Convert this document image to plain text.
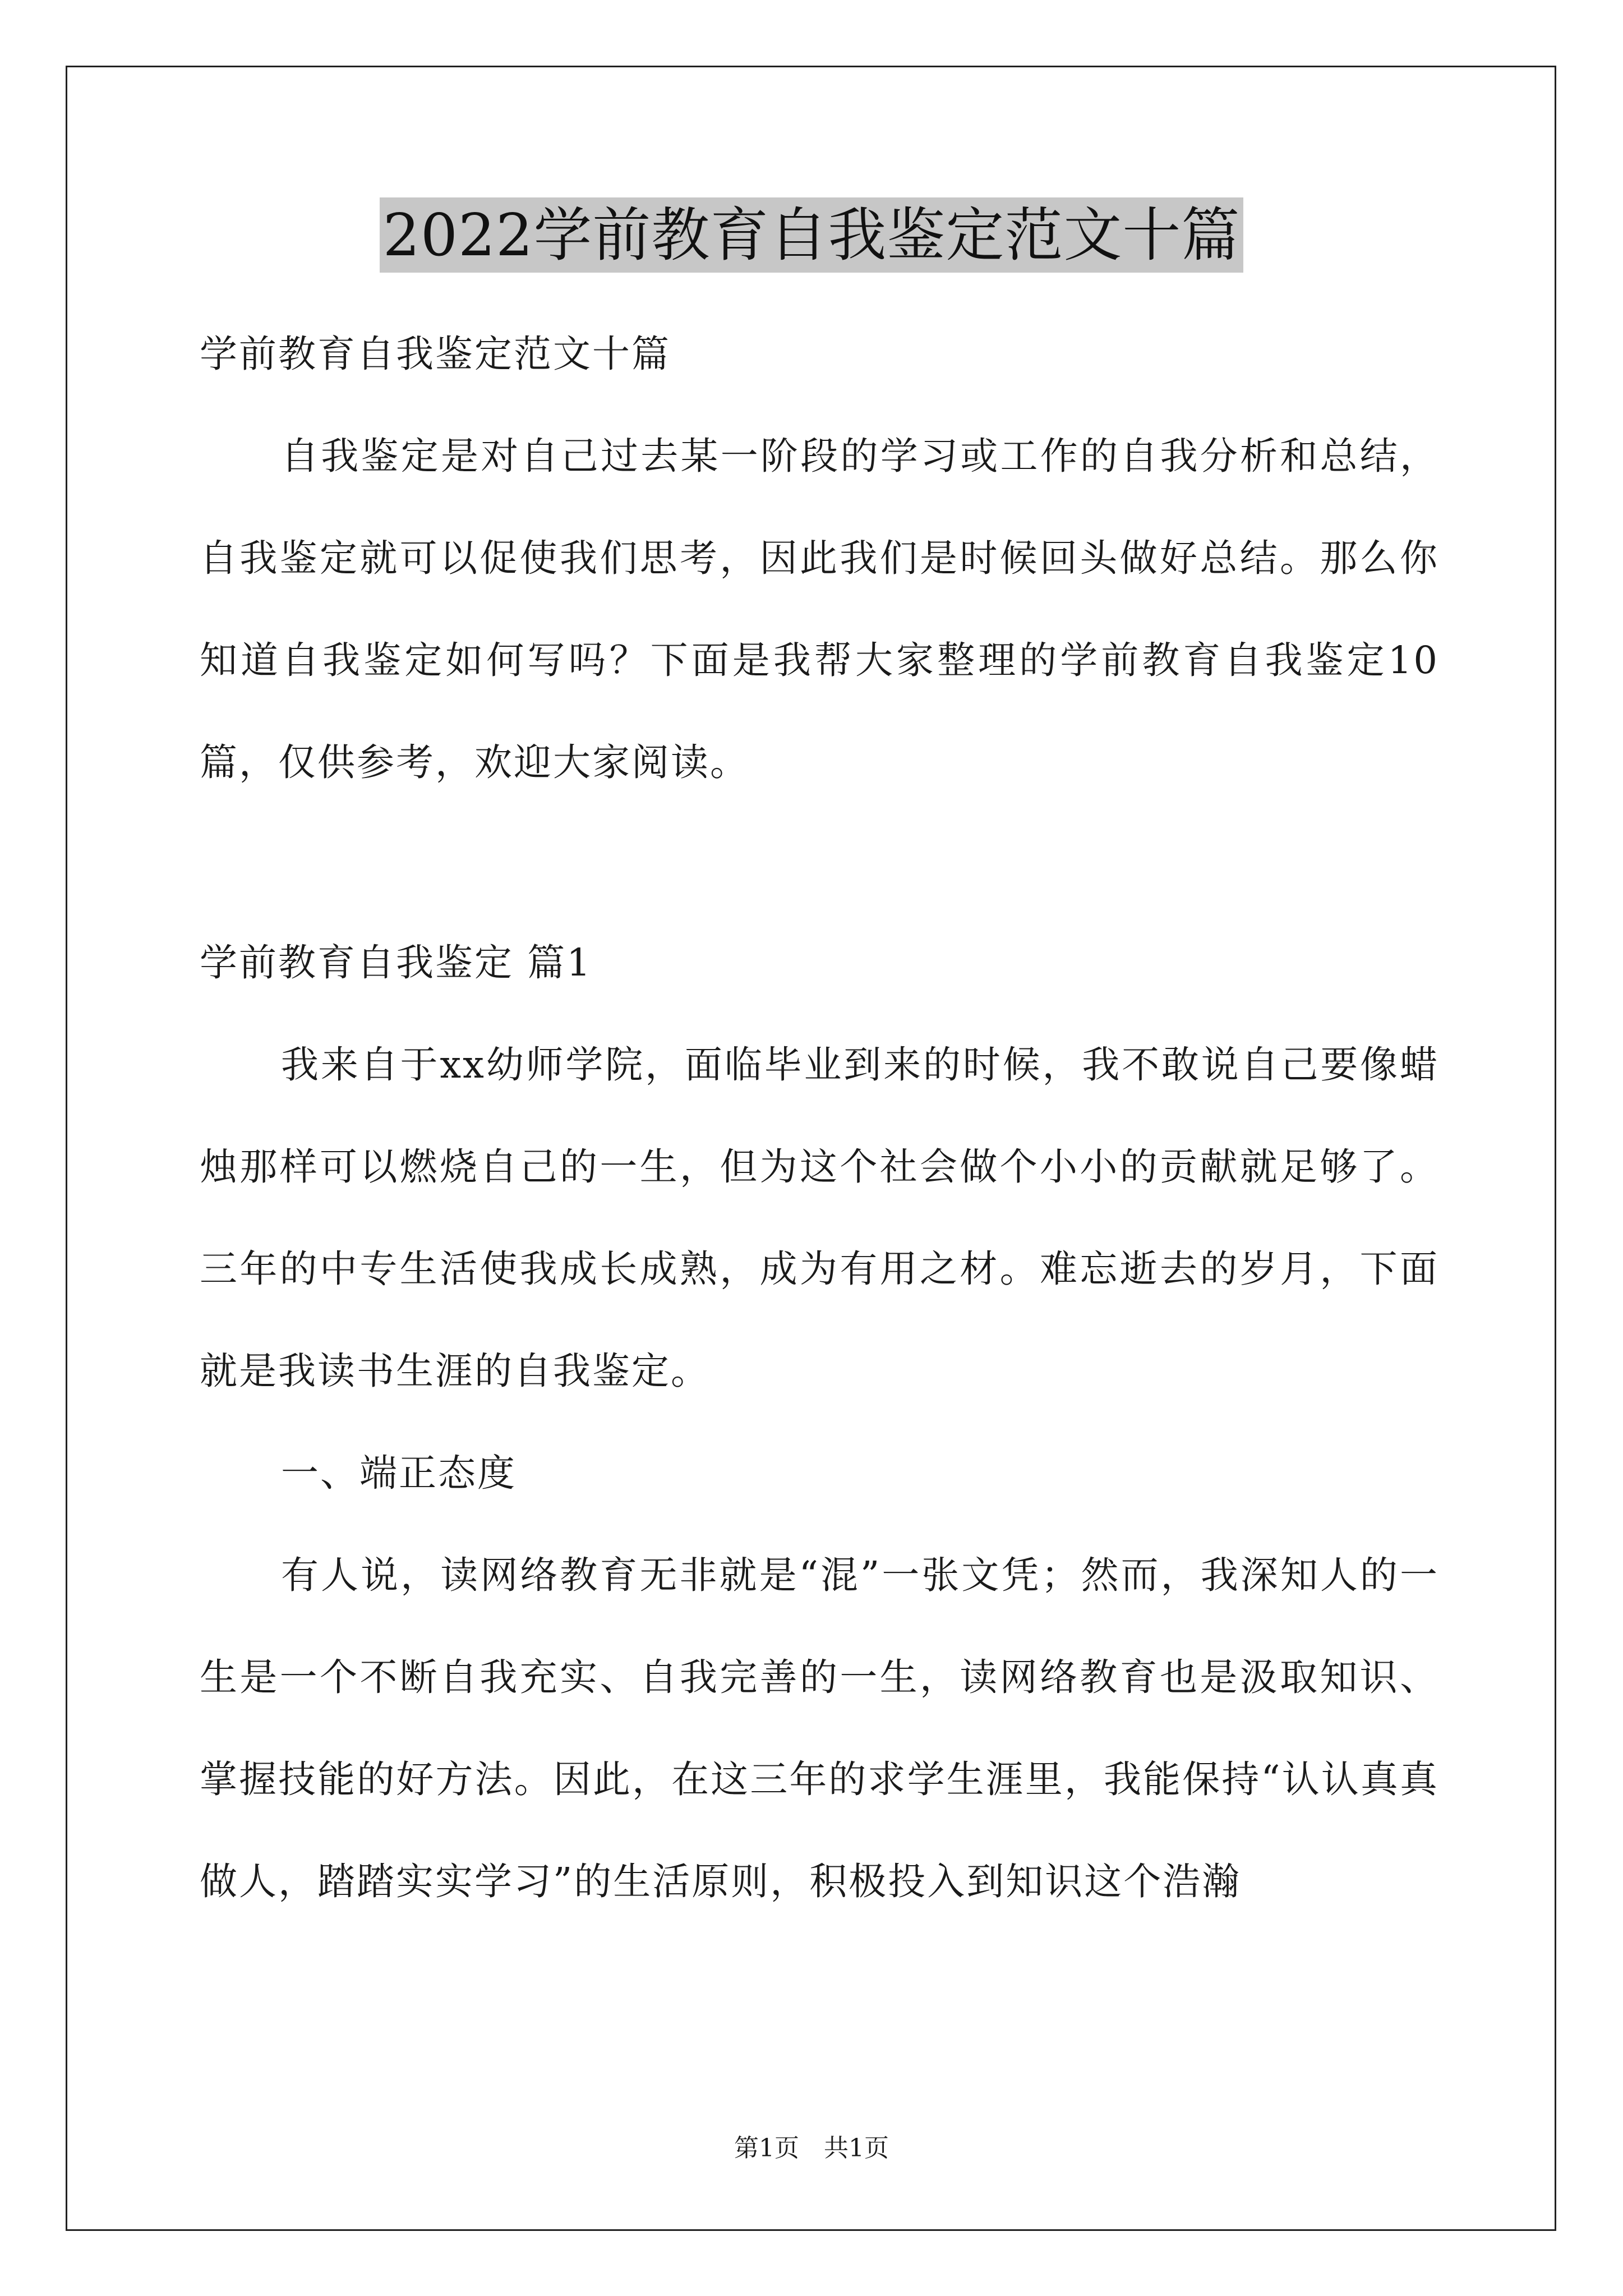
2022学前教育自我鉴定范文十篇

学前教育自我鉴定范文十篇

自我鉴定是对自己过去某一阶段的学习或工作的自我分析和总结，自我鉴定就可以促使我们思考，因此我们是时候回头做好总结。那么你知道自我鉴定如何写吗？下面是我帮大家整理的学前教育自我鉴定10篇，仅供参考，欢迎大家阅读。

学前教育自我鉴定 篇1

我来自于xx幼师学院，面临毕业到来的时候，我不敢说自己要像蜡烛那样可以燃烧自己的一生，但为这个社会做个小小的贡献就足够了。三年的中专生活使我成长成熟，成为有用之材。难忘逝去的岁月，下面就是我读书生涯的自我鉴定。

一、端正态度

有人说，读网络教育无非就是“混”一张文凭；然而，我深知人的一生是一个不断自我充实、自我完善的一生，读网络教育也是汲取知识、掌握技能的好方法。因此，在这三年的求学生涯里，我能保持“认认真真做人，踏踏实实学习”的生活原则，积极投入到知识这个浩瀚

第1页 共1页
